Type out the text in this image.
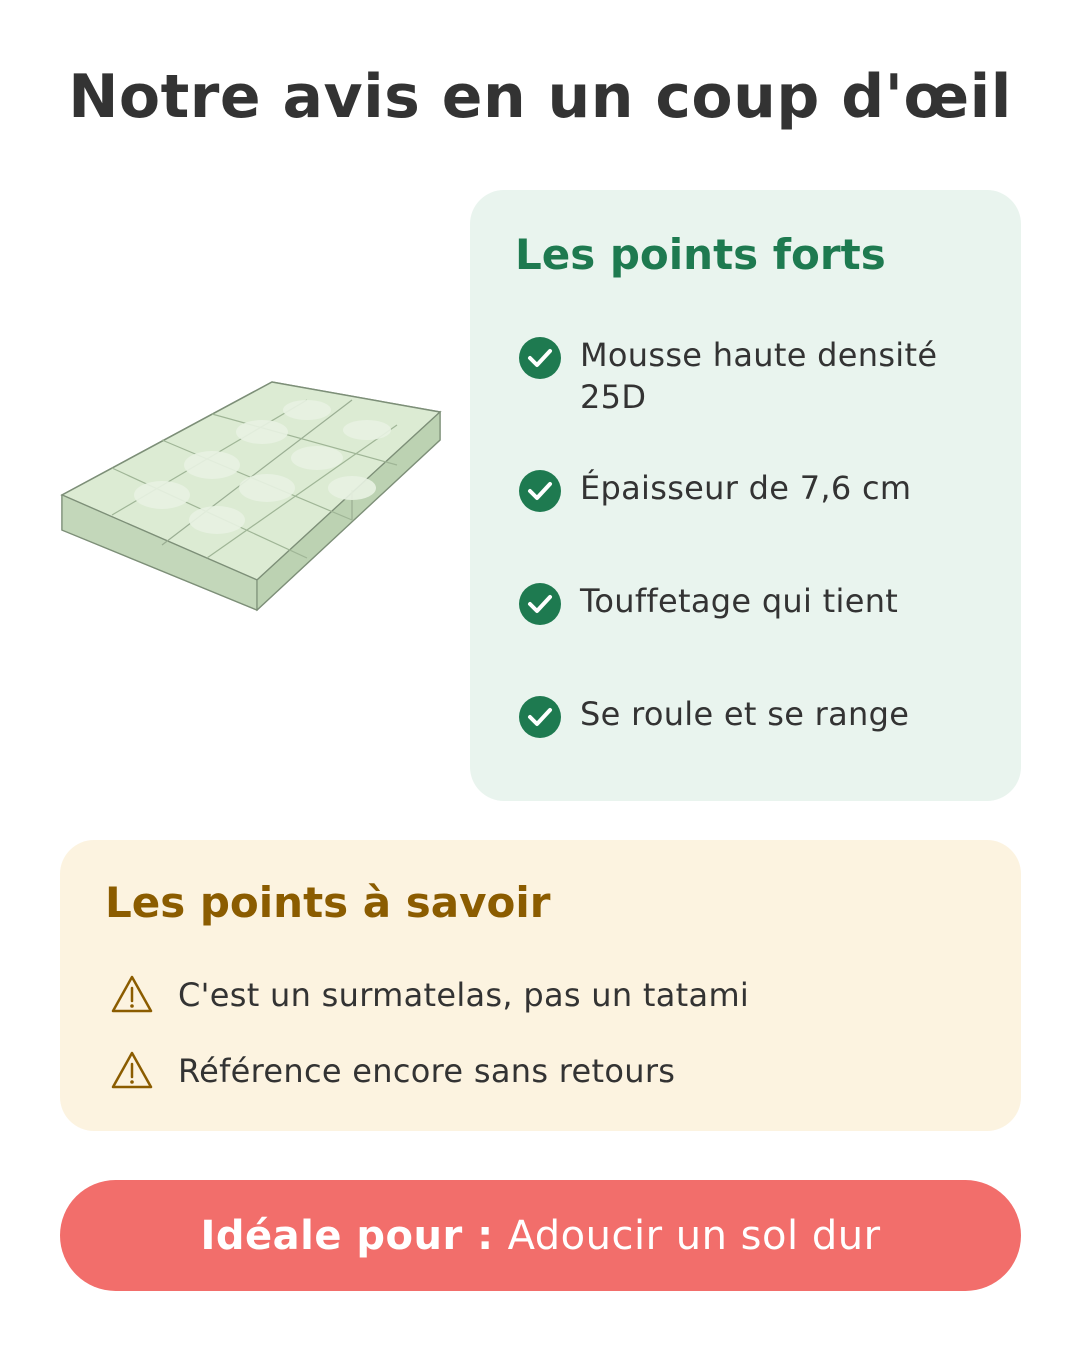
Notre avis en un coup d'œil
Les points forts
Mousse haute densité 25D
Épaisseur de 7,6 cm
Touffetage qui tient
Se roule et se range
Les points à savoir
C'est un surmatelas, pas un tatami
Référence encore sans retours
Idéale pour : Adoucir un sol dur
